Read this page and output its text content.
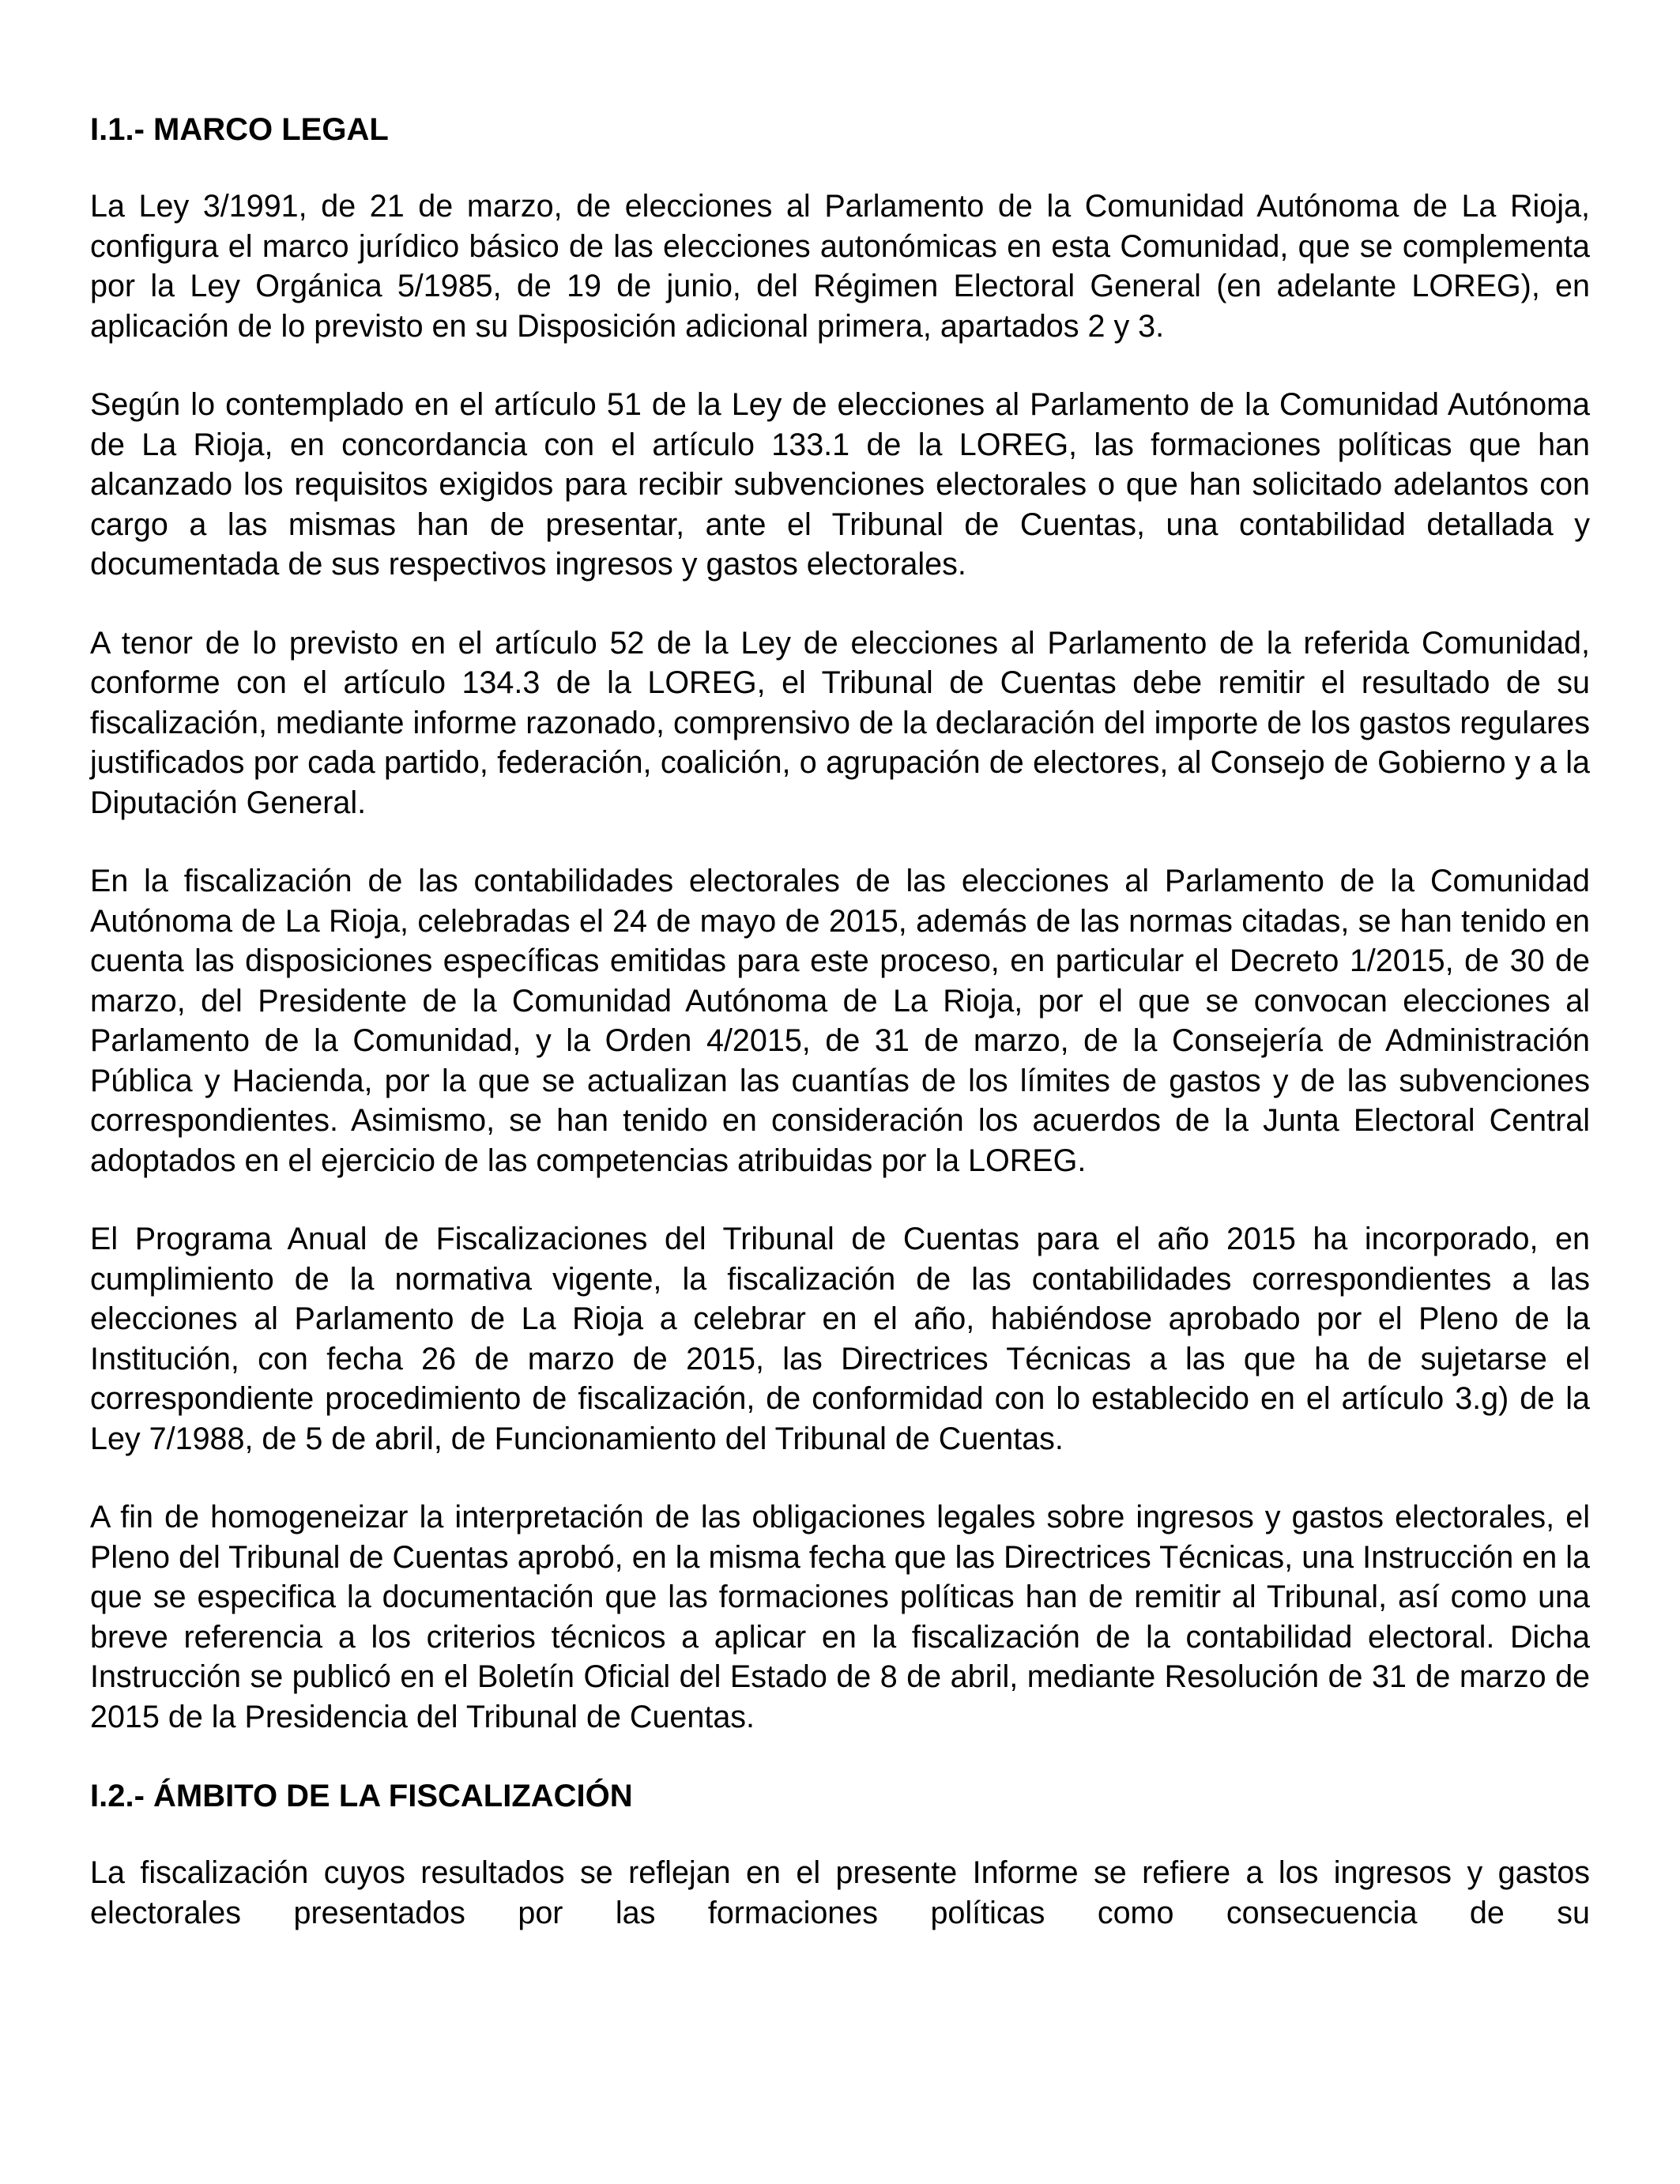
I.1.- MARCO LEGAL

La Ley 3/1991, de 21 de marzo, de elecciones al Parlamento de la Comunidad Autónoma de La Rioja, configura el marco jurídico básico de las elecciones autonómicas en esta Comunidad, que se complementa por la Ley Orgánica 5/1985, de 19 de junio, del Régimen Electoral General (en adelante LOREG), en aplicación de lo previsto en su Disposición adicional primera, apartados 2 y 3.

Según lo contemplado en el artículo 51 de la Ley de elecciones al Parlamento de la Comunidad Autónoma de La Rioja, en concordancia con el artículo 133.1 de la LOREG, las formaciones políticas que han alcanzado los requisitos exigidos para recibir subvenciones electorales o que han solicitado adelantos con cargo a las mismas han de presentar, ante el Tribunal de Cuentas, una contabilidad detallada y documentada de sus respectivos ingresos y gastos electorales.

A tenor de lo previsto en el artículo 52 de la Ley de elecciones al Parlamento de la referida Comunidad, conforme con el artículo 134.3 de la LOREG, el Tribunal de Cuentas debe remitir el resultado de su fiscalización, mediante informe razonado, comprensivo de la declaración del importe de los gastos regulares justificados por cada partido, federación, coalición, o agrupación de electores, al Consejo de Gobierno y a la Diputación General.

En la fiscalización de las contabilidades electorales de las elecciones al Parlamento de la Comunidad Autónoma de La Rioja, celebradas el 24 de mayo de 2015, además de las normas citadas, se han tenido en cuenta las disposiciones específicas emitidas para este proceso, en particular el Decreto 1/2015, de 30 de marzo, del Presidente de la Comunidad Autónoma de La Rioja, por el que se convocan elecciones al Parlamento de la Comunidad, y la Orden 4/2015, de 31 de marzo, de la Consejería de Administración Pública y Hacienda, por la que se actualizan las cuantías de los límites de gastos y de las subvenciones correspondientes. Asimismo, se han tenido en consideración los acuerdos de la Junta Electoral Central adoptados en el ejercicio de las competencias atribuidas por la LOREG.

El Programa Anual de Fiscalizaciones del Tribunal de Cuentas para el año 2015 ha incorporado, en cumplimiento de la normativa vigente, la fiscalización de las contabilidades correspondientes a las elecciones al Parlamento de La Rioja a celebrar en el año, habiéndose aprobado por el Pleno de la Institución, con fecha 26 de marzo de 2015, las Directrices Técnicas a las que ha de sujetarse el correspondiente procedimiento de fiscalización, de conformidad con lo establecido en el artículo 3.g) de la Ley 7/1988, de 5 de abril, de Funcionamiento del Tribunal de Cuentas.

A fin de homogeneizar la interpretación de las obligaciones legales sobre ingresos y gastos electorales, el Pleno del Tribunal de Cuentas aprobó, en la misma fecha que las Directrices Técnicas, una Instrucción en la que se especifica la documentación que las formaciones políticas han de remitir al Tribunal, así como una breve referencia a los criterios técnicos a aplicar en la fiscalización de la contabilidad electoral. Dicha Instrucción se publicó en el Boletín Oficial del Estado de 8 de abril, mediante Resolución de 31 de marzo de 2015 de la Presidencia del Tribunal de Cuentas.

I.2.- ÁMBITO DE LA FISCALIZACIÓN

La fiscalización cuyos resultados se reflejan en el presente Informe se refiere a los ingresos y gastos electorales presentados por las formaciones políticas como consecuencia de su
